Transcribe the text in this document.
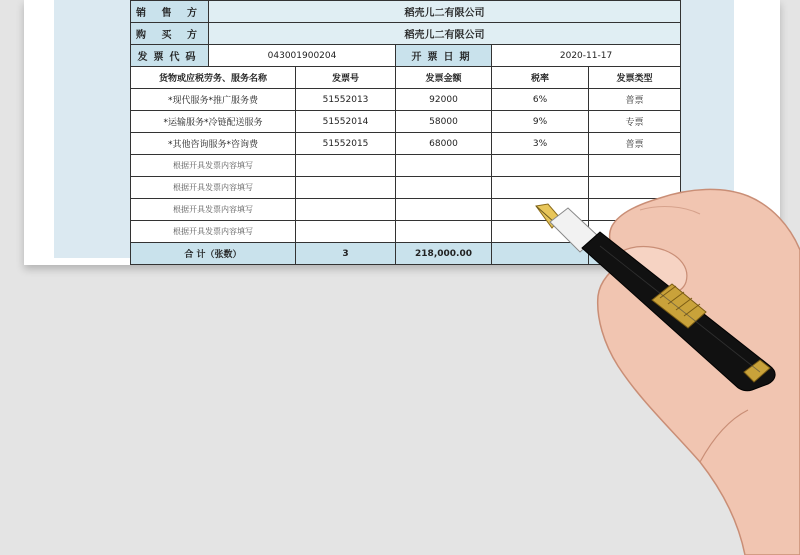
销 售 方	稻壳儿二有限公司				
购 买 方	稻壳儿二有限公司				
发票代码	043001900204		开票日期	2020-11-17	
货物或应税劳务、服务名称		发票号	发票金额	税率	发票类型
*现代服务*推广服务费		51552013	92000	6%	普票
*运输服务*冷链配送服务		51552014	58000	9%	专票
*其他咨询服务*咨询费		51552015	68000	3%	普票
根据开具发票内容填写					
根据开具发票内容填写					
根据开具发票内容填写					
根据开具发票内容填写					
合 计（张数）		3	218,000.00		
